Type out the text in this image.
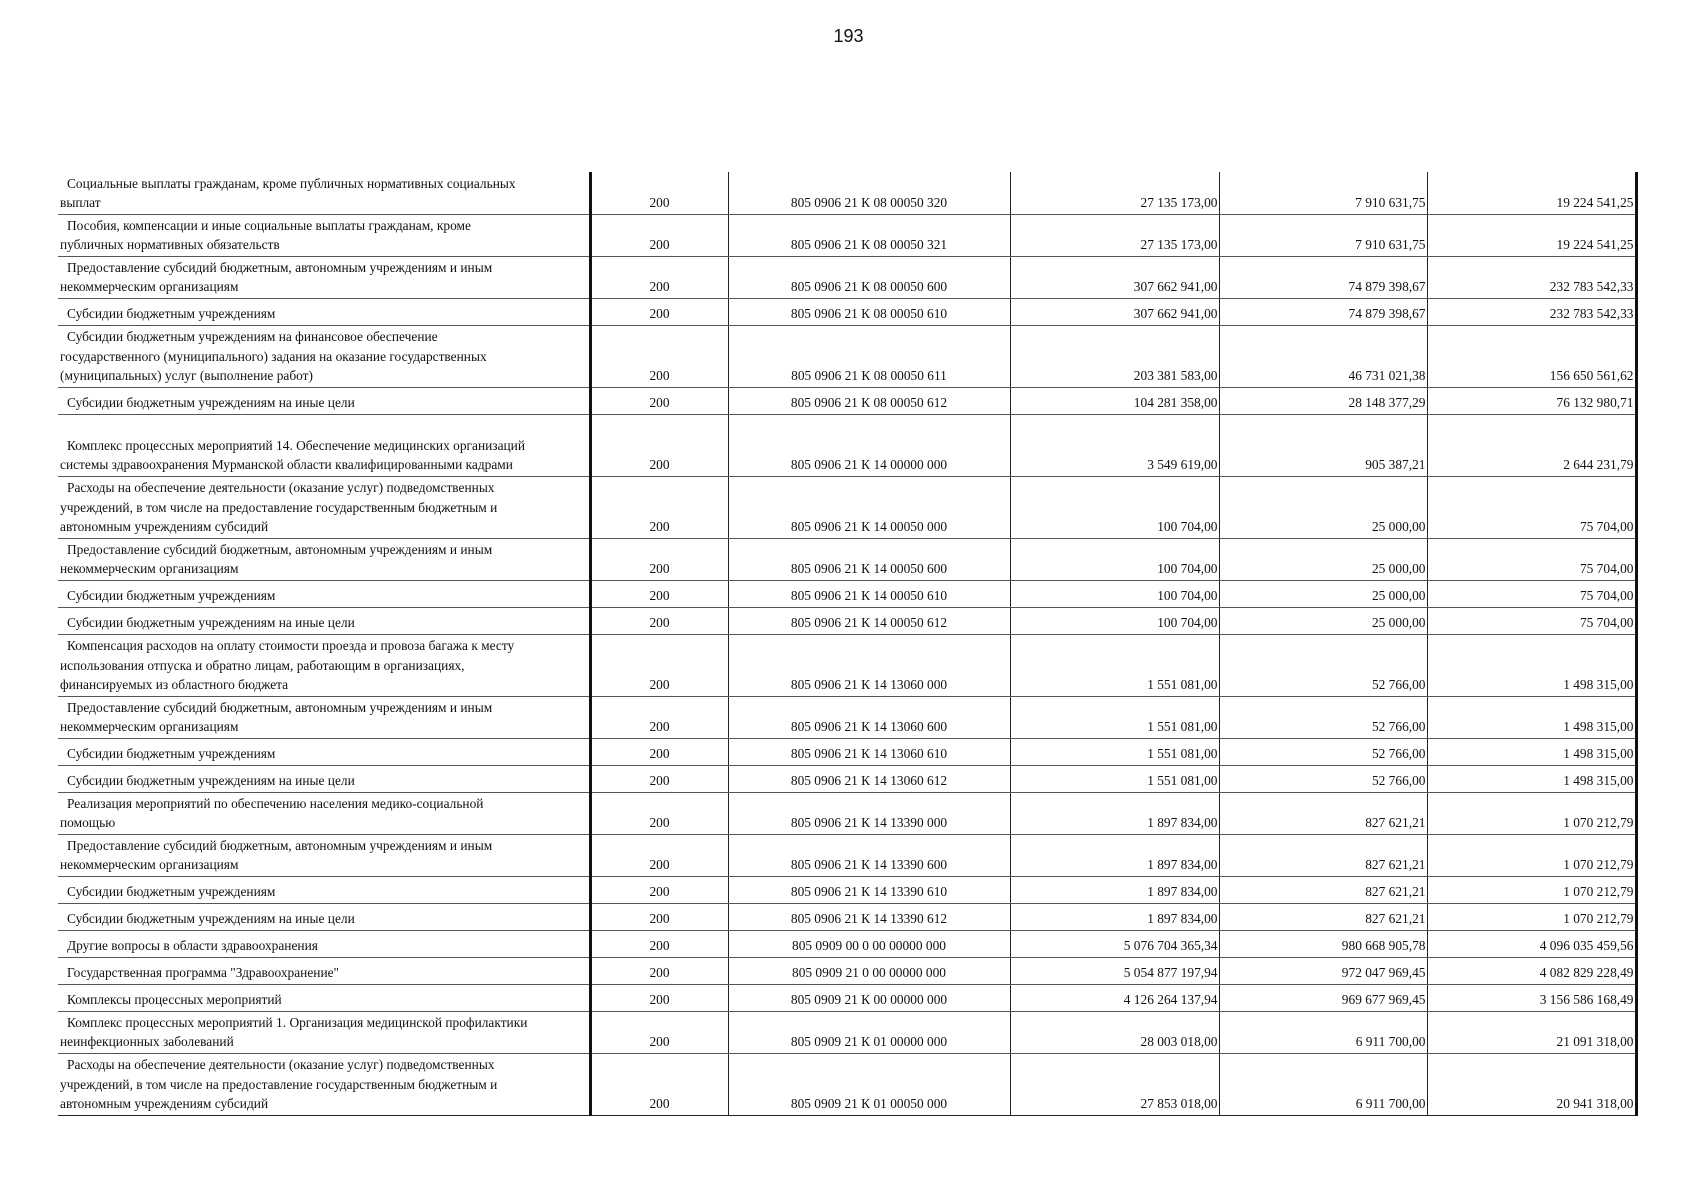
193
Социальные выплаты гражданам, кроме публичных нормативных социальных
выплат	200	805 0906 21 К 08 00050 320	27 135 173,00	7 910 631,75	19 224 541,25

Пособия, компенсации и иные социальные выплаты гражданам, кроме
публичных нормативных обязательств	200	805 0906 21 К 08 00050 321	27 135 173,00	7 910 631,75	19 224 541,25

Предоставление субсидий бюджетным, автономным учреждениям и иным
некоммерческим организациям	200	805 0906 21 К 08 00050 600	307 662 941,00	74 879 398,67	232 783 542,33

Субсидии бюджетным учреждениям	200	805 0906 21 К 08 00050 610	307 662 941,00	74 879 398,67	232 783 542,33

Субсидии бюджетным учреждениям на финансовое обеспечение
государственного (муниципального) задания на оказание государственных
(муниципальных) услуг (выполнение работ)	200	805 0906 21 К 08 00050 611	203 381 583,00	46 731 021,38	156 650 561,62

Субсидии бюджетным учреждениям на иные цели	200	805 0906 21 К 08 00050 612	104 281 358,00	28 148 377,29	76 132 980,71

Комплекс процессных мероприятий 14. Обеспечение медицинских организаций
системы здравоохранения Мурманской области квалифицированными кадрами	200	805 0906 21 К 14 00000 000	3 549 619,00	905 387,21	2 644 231,79

Расходы на обеспечение деятельности (оказание услуг) подведомственных
учреждений, в том числе на предоставление государственным бюджетным и
автономным учреждениям субсидий	200	805 0906 21 К 14 00050 000	100 704,00	25 000,00	75 704,00

Предоставление субсидий бюджетным, автономным учреждениям и иным
некоммерческим организациям	200	805 0906 21 К 14 00050 600	100 704,00	25 000,00	75 704,00

Субсидии бюджетным учреждениям	200	805 0906 21 К 14 00050 610	100 704,00	25 000,00	75 704,00

Субсидии бюджетным учреждениям на иные цели	200	805 0906 21 К 14 00050 612	100 704,00	25 000,00	75 704,00

Компенсация расходов на оплату стоимости проезда и провоза багажа к месту
использования отпуска и обратно лицам, работающим в организациях,
финансируемых из областного бюджета	200	805 0906 21 К 14 13060 000	1 551 081,00	52 766,00	1 498 315,00

Предоставление субсидий бюджетным, автономным учреждениям и иным
некоммерческим организациям	200	805 0906 21 К 14 13060 600	1 551 081,00	52 766,00	1 498 315,00

Субсидии бюджетным учреждениям	200	805 0906 21 К 14 13060 610	1 551 081,00	52 766,00	1 498 315,00

Субсидии бюджетным учреждениям на иные цели	200	805 0906 21 К 14 13060 612	1 551 081,00	52 766,00	1 498 315,00

Реализация мероприятий по обеспечению населения медико-социальной
помощью	200	805 0906 21 К 14 13390 000	1 897 834,00	827 621,21	1 070 212,79

Предоставление субсидий бюджетным, автономным учреждениям и иным
некоммерческим организациям	200	805 0906 21 К 14 13390 600	1 897 834,00	827 621,21	1 070 212,79

Субсидии бюджетным учреждениям	200	805 0906 21 К 14 13390 610	1 897 834,00	827 621,21	1 070 212,79

Субсидии бюджетным учреждениям на иные цели	200	805 0906 21 К 14 13390 612	1 897 834,00	827 621,21	1 070 212,79

Другие вопросы в области здравоохранения	200	805 0909 00 0 00 00000 000	5 076 704 365,34	980 668 905,78	4 096 035 459,56

Государственная программа "Здравоохранение"	200	805 0909 21 0 00 00000 000	5 054 877 197,94	972 047 969,45	4 082 829 228,49

Комплексы процессных мероприятий	200	805 0909 21 К 00 00000 000	4 126 264 137,94	969 677 969,45	3 156 586 168,49

Комплекс процессных мероприятий 1. Организация медицинской профилактики
неинфекционных заболеваний	200	805 0909 21 К 01 00000 000	28 003 018,00	6 911 700,00	21 091 318,00

Расходы на обеспечение деятельности (оказание услуг) подведомственных
учреждений, в том числе на предоставление государственным бюджетным и
автономным учреждениям субсидий	200	805 0909 21 К 01 00050 000	27 853 018,00	6 911 700,00	20 941 318,00
